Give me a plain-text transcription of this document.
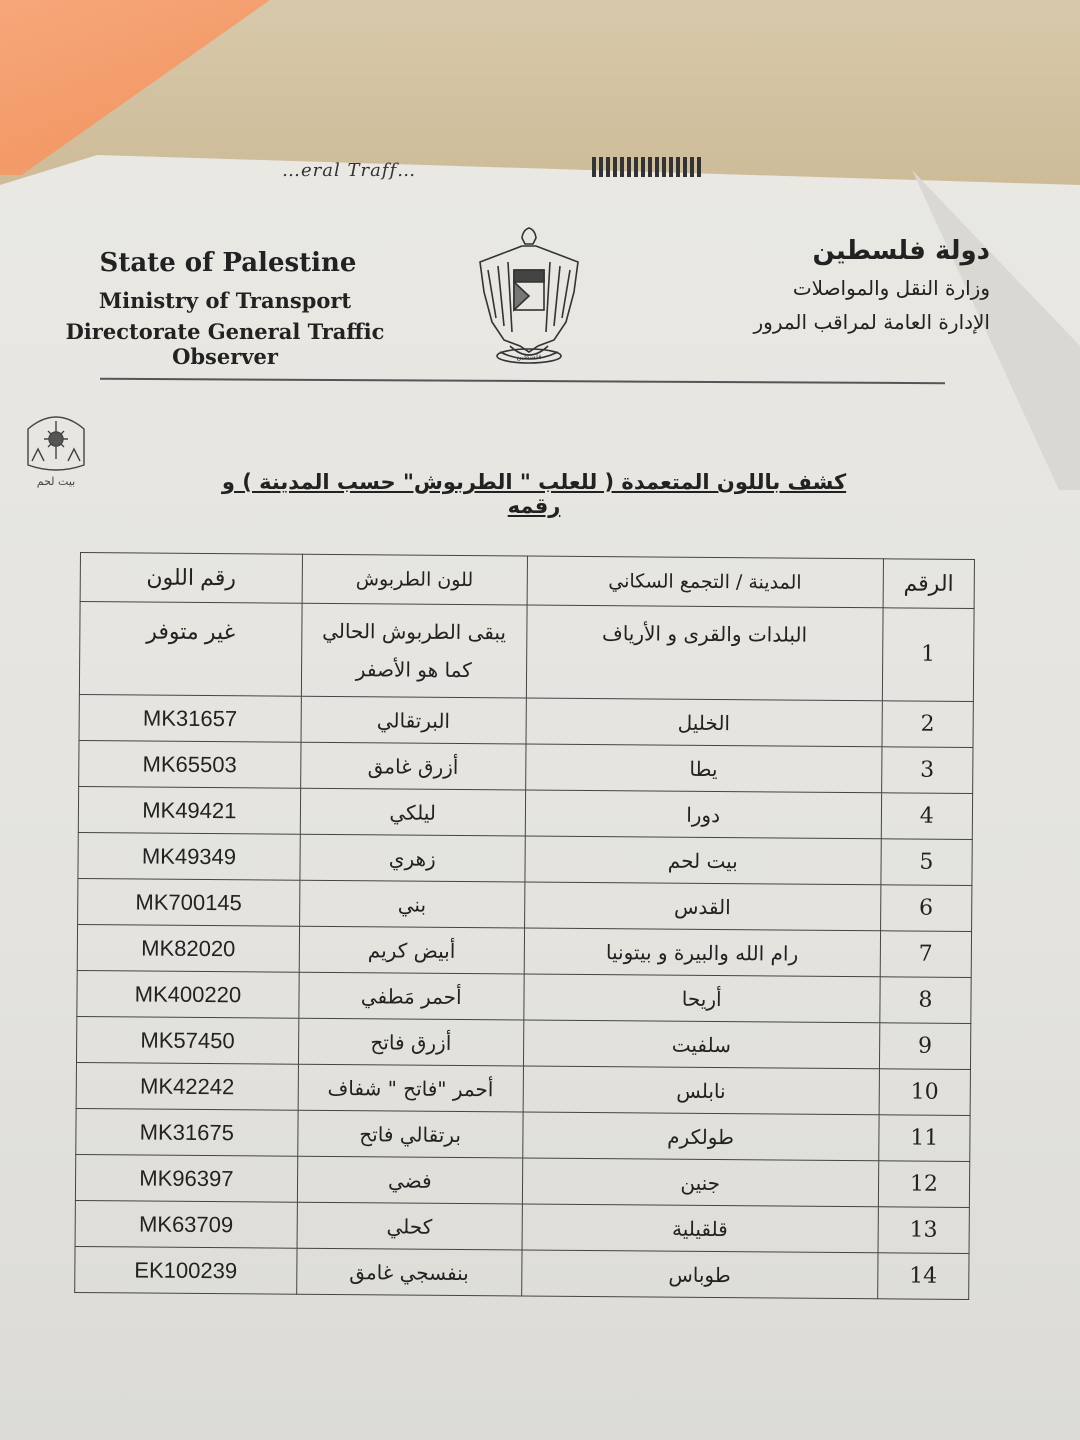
…eral Traff…
State of Palestine
Ministry of Transport
Directorate General Traffic Observer	فلسطين
دولة فلسطين
وزارة النقل والمواصلات
الإدارة العامة لمراقب المرور
بيت لحم	كشف باللون المتعمدة ( للعلب " الطربوش" حسب المدينة ) و رقمه
الرقم	المدينة / التجمع السكاني	للون الطربوش	رقم اللون
1	البلدات والقرى و الأرياف	يبقى الطربوش الحالي كما هو الأصفر	غير متوفر
2	الخليل	البرتقالي	MK31657
3	يطا	أزرق غامق	MK65503
4	دورا	ليلكي	MK49421
5	بيت لحم	زهري	MK49349
6	القدس	بني	MK700145
7	رام الله والبيرة و بيتونيا	أبيض كريم	MK82020
8	أريحا	أحمر مَطفي	MK400220
9	سلفيت	أزرق فاتح	MK57450
10	نابلس	أحمر "فاتح " شفاف	MK42242
11	طولكرم	برتقالي فاتح	MK31675
12	جنين	فضي	MK96397
13	قلقيلية	كحلي	MK63709
14	طوباس	بنفسجي غامق	EK100239
